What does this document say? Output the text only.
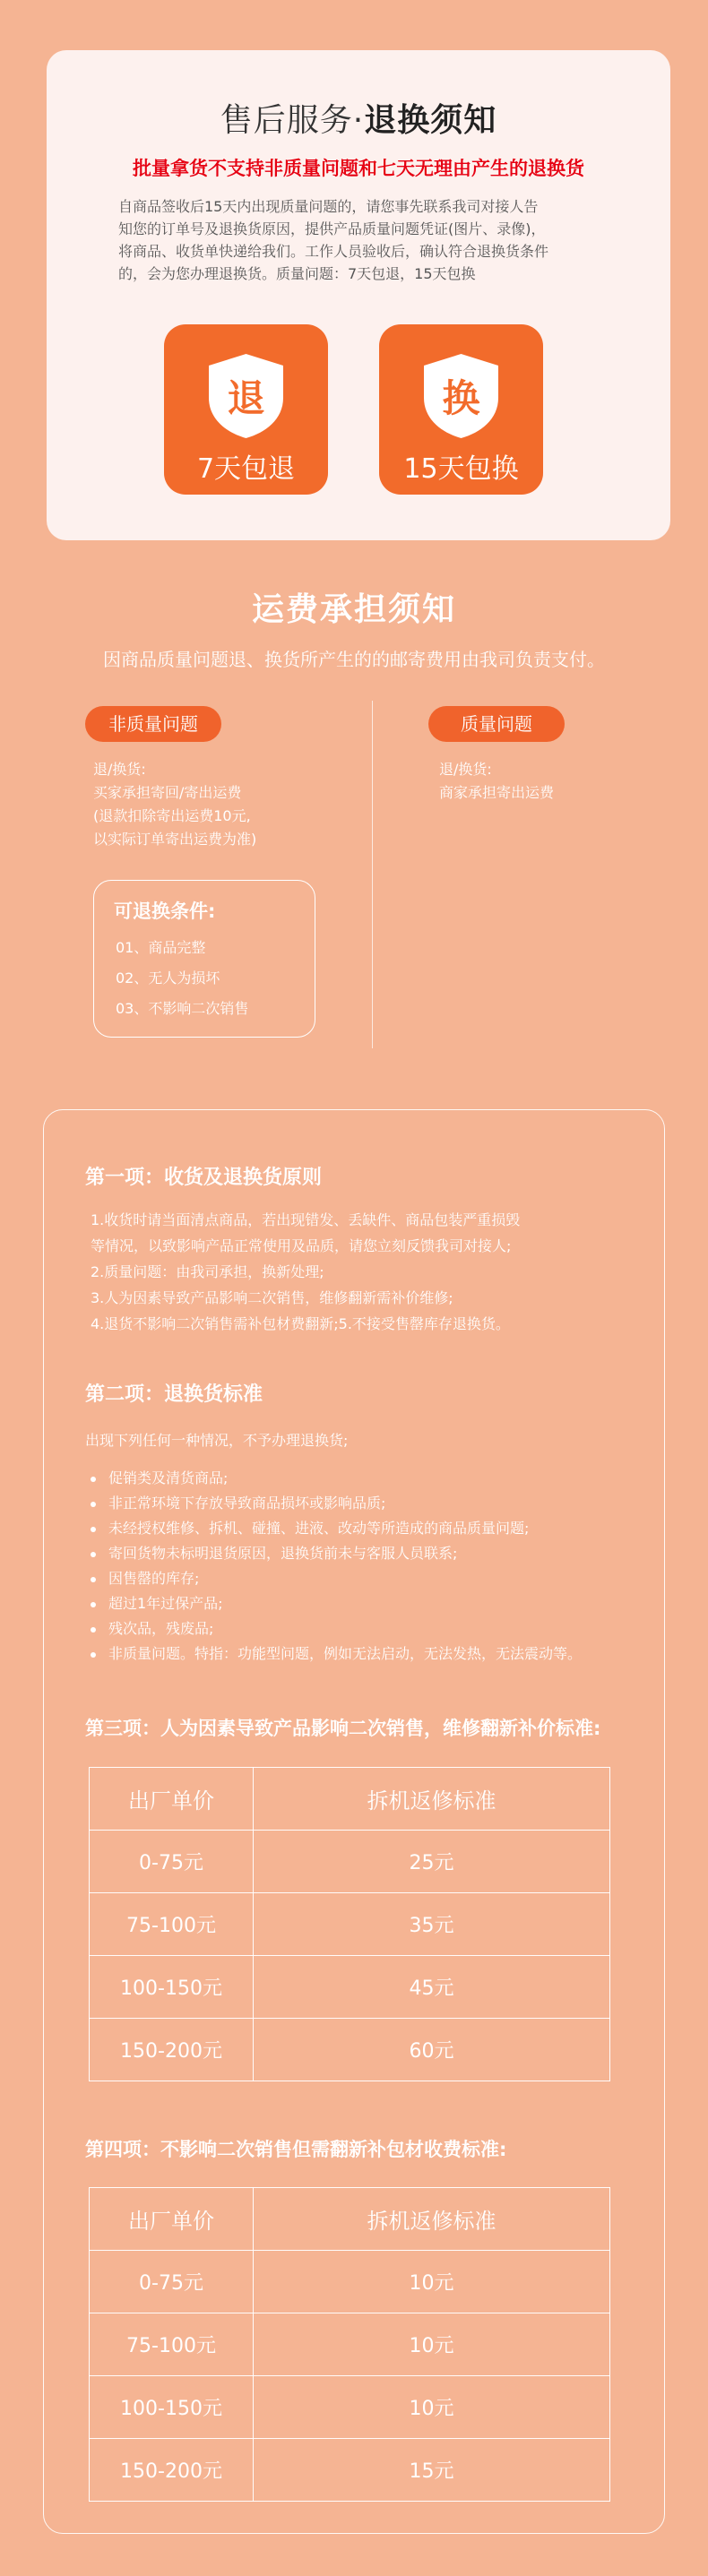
售后服务·退换须知
批量拿货不支持非质量问题和七天无理由产生的退换货
自商品签收后15天内出现质量问题的，请您事先联系我司对接人告
知您的订单号及退换货原因，提供产品质量问题凭证(图片、录像)，
将商品、收货单快递给我们。工作人员验收后，确认符合退换货条件
的，会为您办理退换货。质量问题：7天包退，15天包换
退
7天包退
换
15天包换
运费承担须知
因商品质量问题退、换货所产生的的邮寄费用由我司负责支付。
非质量问题
退/换货:
买家承担寄回/寄出运费
(退款扣除寄出运费10元,
以实际订单寄出运费为准)
质量问题
退/换货:
商家承担寄出运费
可退换条件:
01、商品完整
02、无人为损坏
03、不影响二次销售
第一项：收货及退换货原则
1.收货时请当面清点商品，若出现错发、丢缺件、商品包装严重损毁
等情况，以致影响产品正常使用及品质，请您立刻反馈我司对接人;
2.质量问题：由我司承担，换新处理;
3.人为因素导致产品影响二次销售，维修翻新需补价维修;
4.退货不影响二次销售需补包材费翻新;5.不接受售罄库存退换货。
第二项：退换货标准
出现下列任何一种情况，不予办理退换货;
促销类及清货商品;
非正常环境下存放导致商品损坏或影响品质;
未经授权维修、拆机、碰撞、进液、改动等所造成的商品质量问题;
寄回货物未标明退货原因，退换货前未与客服人员联系;
因售罄的库存;
超过1年过保产品;
残次品，残废品;
非质量问题。特指：功能型问题，例如无法启动，无法发热，无法震动等。
第三项：人为因素导致产品影响二次销售，维修翻新补价标准:
出厂单价	拆机返修标准
0-75元	25元
75-100元	35元
100-150元	45元
150-200元	60元
第四项：不影响二次销售但需翻新补包材收费标准:
出厂单价	拆机返修标准
0-75元	10元
75-100元	10元
100-150元	10元
150-200元	15元
